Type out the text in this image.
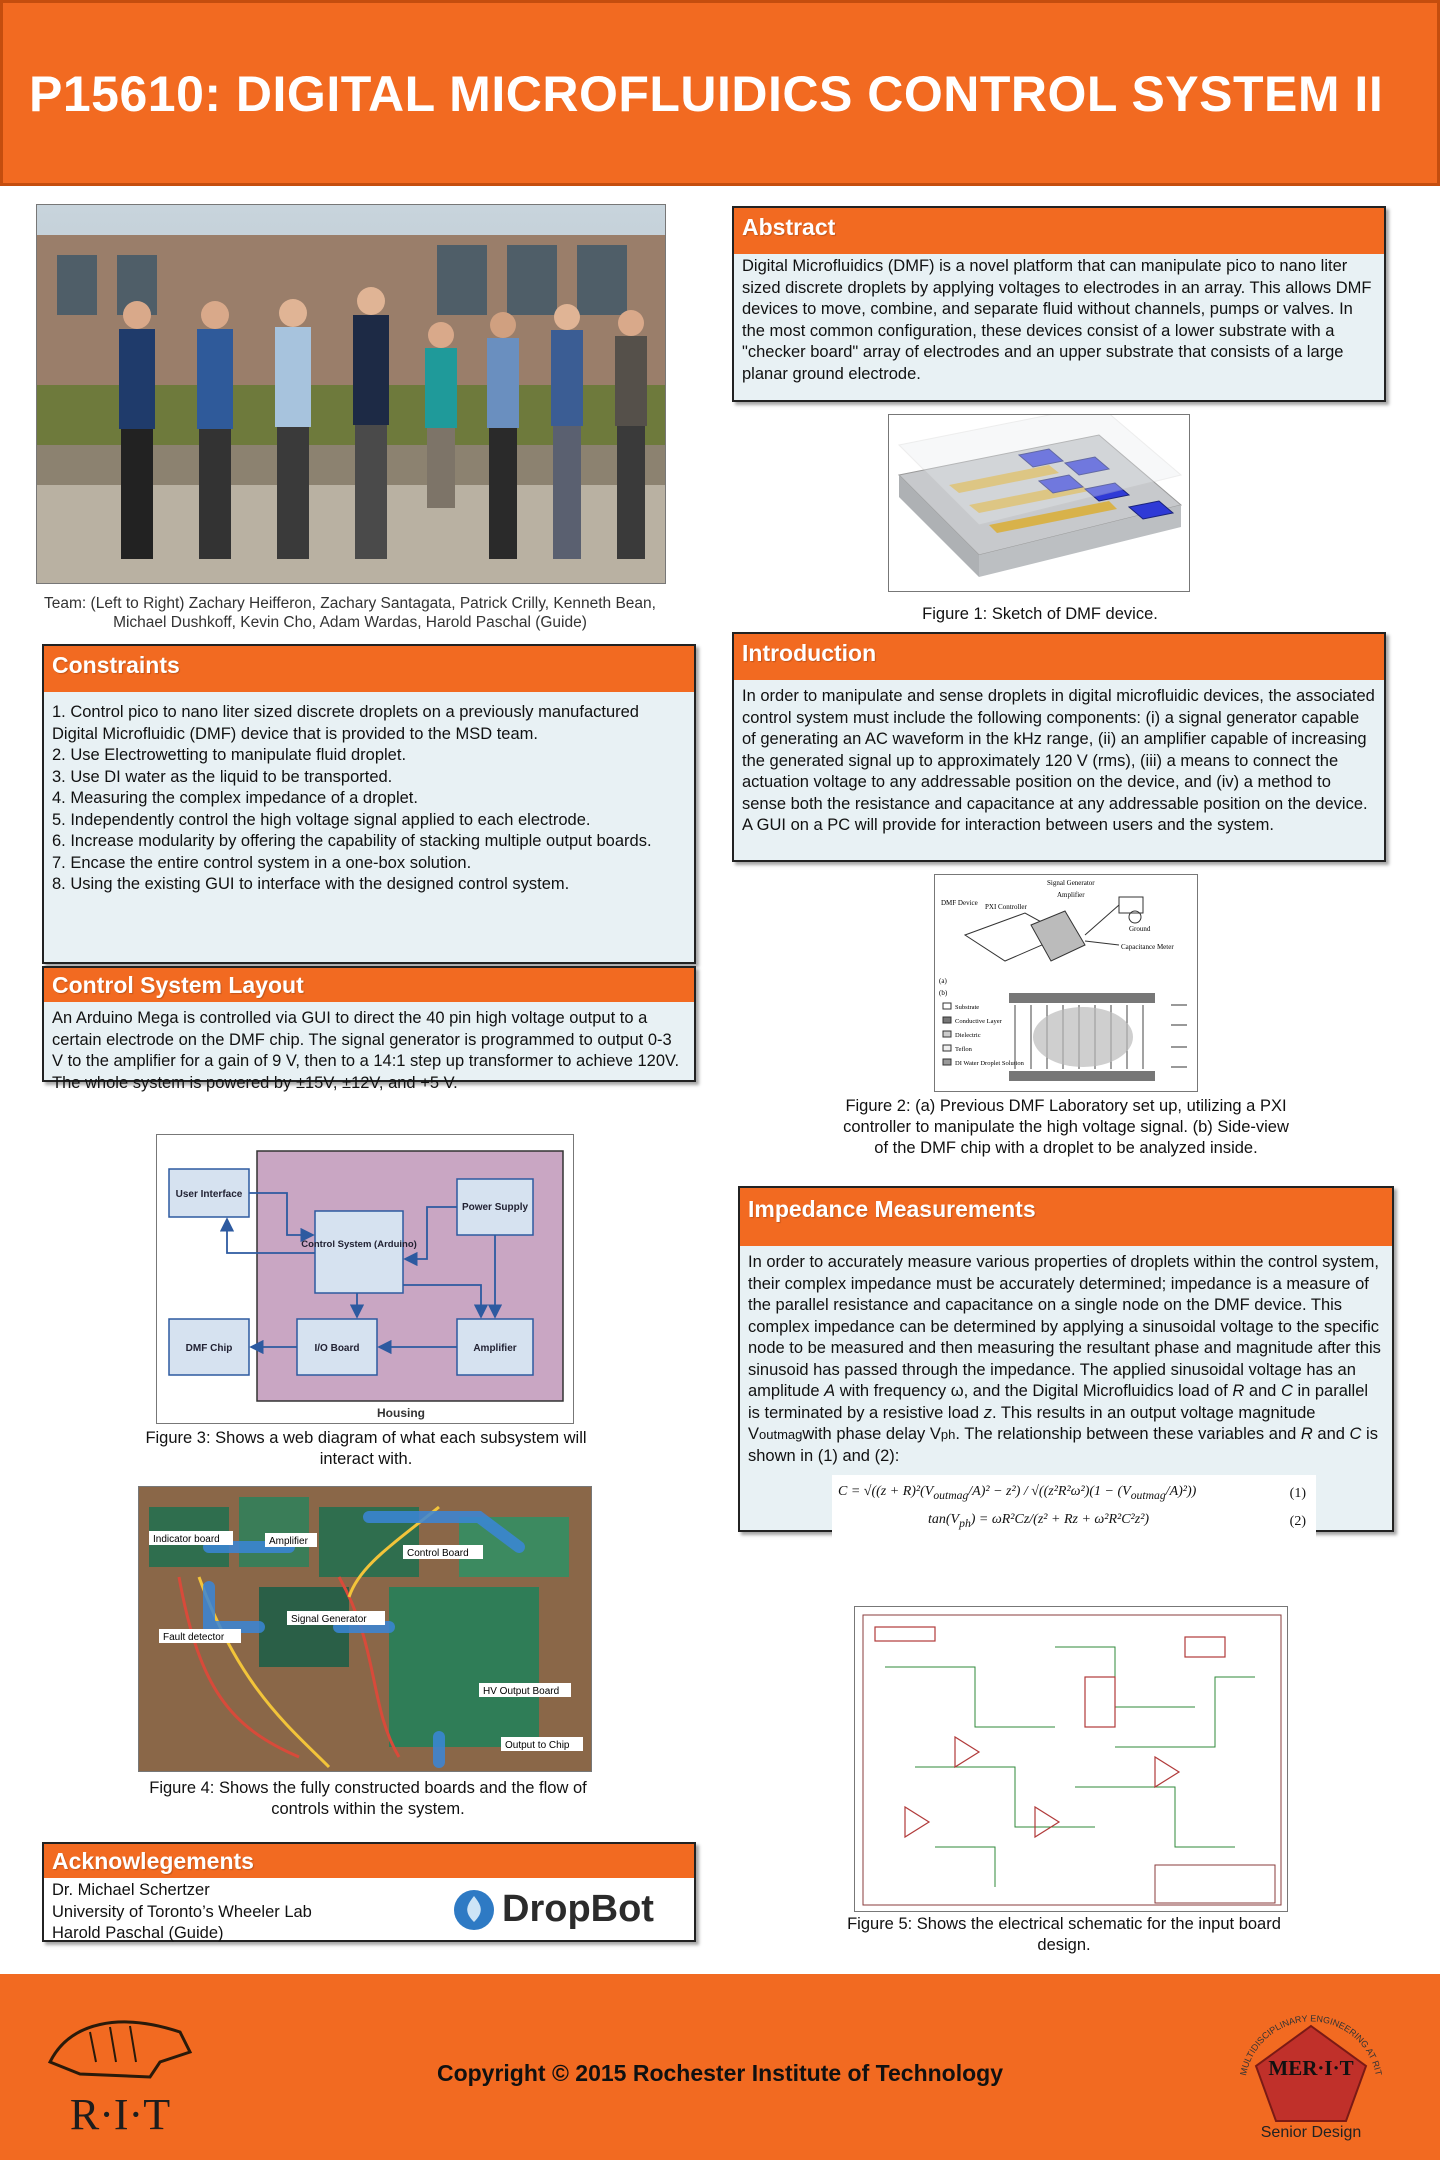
P15610: DIGITAL MICROFLUIDICS CONTROL SYSTEM II
Team: (Left to Right) Zachary Heifferon, Zachary Santagata, Patrick Crilly, Kenneth Bean, Michael Dushkoff, Kevin Cho, Adam Wardas, Harold Paschal (Guide)
Constraints
1. Control pico to nano liter sized discrete droplets on a previously manufactured Digital Microfluidic (DMF) device that is provided to the MSD team.
2. Use Electrowetting to manipulate fluid droplet.
3. Use DI water as the liquid to be transported.
4. Measuring the complex impedance of a droplet.
5. Independently control the high voltage signal applied to each electrode.
6. Increase modularity by offering the capability of stacking multiple output boards.
7. Encase the entire control system in a one-box solution.
8. Using the existing GUI to interface with the designed control system.
Control System Layout
An Arduino Mega is controlled via GUI to direct the 40 pin high voltage output to a certain electrode on the DMF chip. The signal generator is programmed to output 0-3 V to the amplifier for a gain of 9 V, then to a 14:1 step up transformer to achieve 120V. The whole system is powered by ±15V, ±12V, and +5 V.
User Interface
Power Supply
Control System (Arduino)
DMF Chip	I/O Board	Amplifier
Housing
Figure 3: Shows a web diagram of what each subsystem will interact with.
Indicator board	Amplifier
Control Board
Fault detector
Signal Generator
HV Output Board
Output to Chip
Figure 4: Shows the fully constructed boards and the flow of controls within the system.
Acknowlegements
Dr. Michael Schertzer
University of Toronto’s Wheeler Lab
Harold Paschal (Guide)
DropBot
Abstract
Digital Microfluidics (DMF) is a novel platform that can manipulate pico to nano liter sized discrete droplets by applying voltages to electrodes in an array. This allows DMF devices to move, combine, and separate fluid without channels, pumps or valves. In the most common configuration, these devices consist of a lower substrate with a "checker board" array of electrodes and an upper substrate that consists of a large planar ground electrode.
Figure 1: Sketch of DMF device.
Introduction
In order to manipulate and sense droplets in digital microfluidic devices, the associated control system must include the following components: (i) a signal generator capable of generating an AC waveform in the kHz range, (ii) an amplifier capable of increasing the generated signal up to approximately 120 V (rms), (iii) a means to connect the actuation voltage to any addressable position on the device, and (iv) a method to sense both the resistance and capacitance at any addressable position on the device. A GUI on a PC will provide for interaction between users and the system.
Signal Generator
Amplifier
PXI Controller
DMF Device
Ground
Capacitance Meter
(a)
(b)
Substrate
Conductive Layer
Dielectric
Teflon
DI Water Droplet Solution
Figure 2: (a) Previous DMF Laboratory set up, utilizing a PXI controller to manipulate the high voltage signal. (b) Side-view of the DMF chip with a droplet to be analyzed inside.
Impedance Measurements
In order to accurately measure various properties of droplets within the control system, their complex impedance must be accurately determined; impedance is a measure of the parallel resistance and capacitance on a single node on the DMF device. This complex impedance can be determined by applying a sinusoidal voltage to the specific node to be measured and then measuring the resultant phase and magnitude after this sinusoid has passed through the impedance. The applied sinusoidal voltage has an amplitude A with frequency ω, and the Digital Microfluidics load of R and C in parallel is terminated by a resistive load z. This results in an output voltage magnitude Voutmagwith phase delay Vph. The relationship between these variables and R and C is shown in (1) and (2):
$C = √((z + R)^2(V_{outmag}/A)^2 - z^2) / √((z^2R^2\omega^2)(1 - (V_{outmag}/A)^2))$
$\tan(V_{ph}) = \omega R^2Cz/(z^2 + Rz + \omega^2R^2C^2z^2)$
(1)
(2)
Figure 5: Shows the electrical schematic for the input board design.
R·I·T
Copyright © 2015 Rochester Institute of Technology	MULTIDISCIPLINARY ENGINEERING AT RIT
MER·I·T
Senior Design
